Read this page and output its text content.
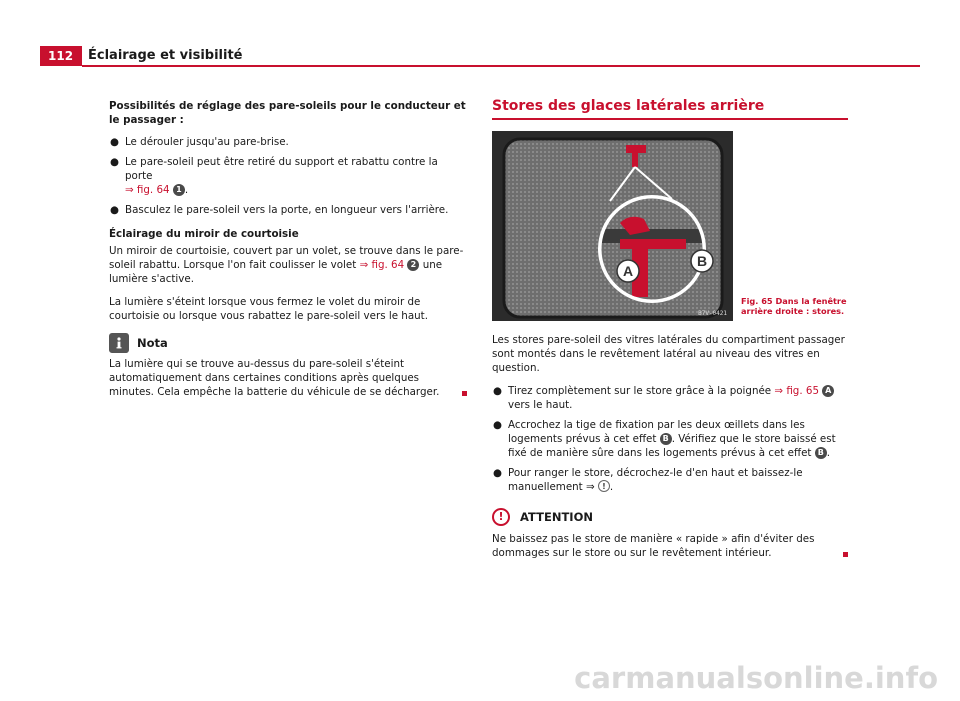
112	Éclairage et visibilité
Possibilités de réglage des pare-soleils pour le conducteur et le passager :
● Le dérouler jusqu'au pare-brise.
● Le pare-soleil peut être retiré du support et rabattu contre la porte
⇒ fig. 64 1 .
● Basculez le pare-soleil vers la porte, en longueur vers l'arrière.
Éclairage du miroir de courtoisie

Un miroir de courtoisie, couvert par un volet, se trouve dans le pare-soleil rabattu. Lorsque l'on fait coulisser le volet ⇒ fig. 64 2 une lumière s'active.

La lumière s'éteint lorsque vous fermez le volet du miroir de courtoisie ou lorsque vous rabattez le pare-soleil vers le haut.

Nota

La lumière qui se trouve au-dessus du pare-soleil s'éteint automatiquement dans certaines conditions après quelques minutes. Cela empêche la batterie du véhicule de se décharger.

Stores des glaces latérales arrière
A
B
B7V-0421
Fig. 65 Dans la fenêtre arrière droite : stores.

Les stores pare-soleil des vitres latérales du compartiment passager sont montés dans le revêtement latéral au niveau des vitres en question.

● Tirez complètement sur le store grâce à la poignée ⇒ fig. 65 A vers le haut.
● Accrochez la tige de fixation par les deux œillets dans les logements prévus à cet effet B . Vérifiez que le store baissé est fixé de manière sûre dans les logements prévus à cet effet B .
● Pour ranger le store, décrochez-le d'en haut et baissez-le manuellement ⇒ ! .
!	ATTENTION

Ne baissez pas le store de manière « rapide » afin d'éviter des dommages sur le store ou sur le revêtement intérieur.

carmanualsonline.info
